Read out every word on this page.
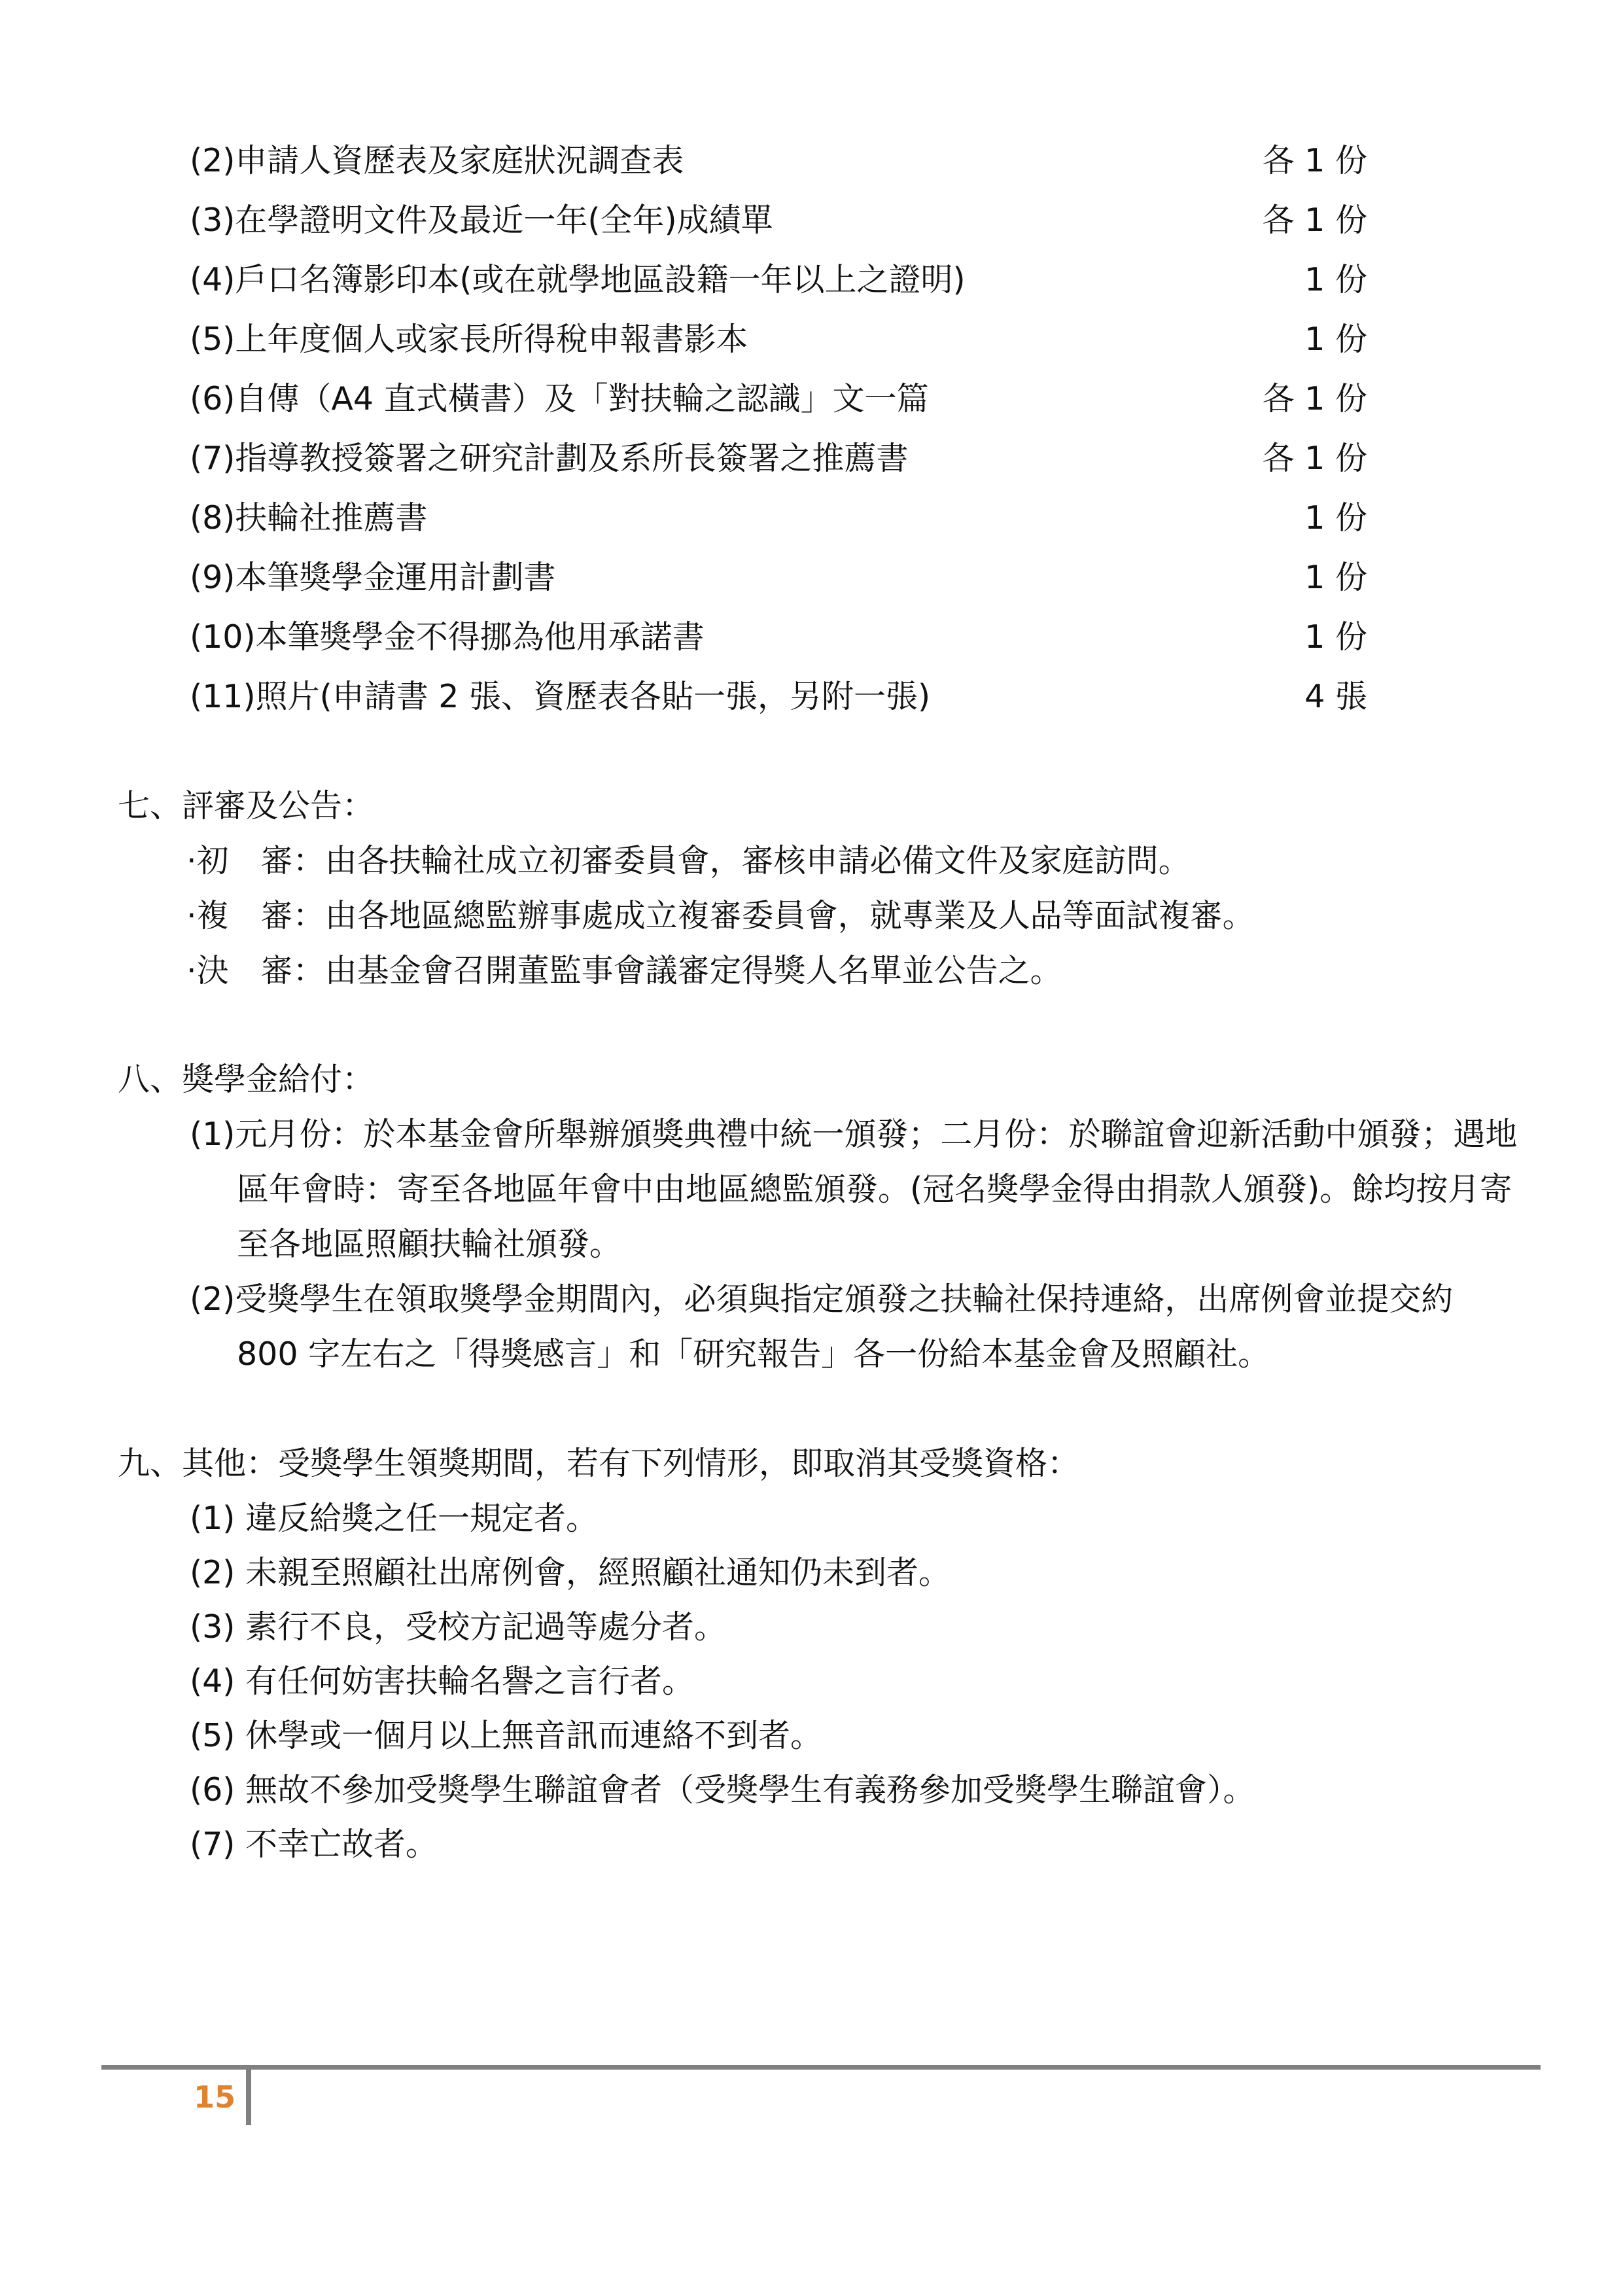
(2)申請人資歷表及家庭狀況調查表	各 1 份
(3)在學證明文件及最近一年(全年)成績單	各 1 份
(4)戶口名簿影印本(或在就學地區設籍一年以上之證明)	1 份
(5)上年度個人或家長所得稅申報書影本	1 份
(6)自傳（A4 直式橫書）及「對扶輪之認識」文一篇	各 1 份
(7)指導教授簽署之研究計劃及系所長簽署之推薦書	各 1 份
(8)扶輪社推薦書	1 份
(9)本筆獎學金運用計劃書	1 份
(10)本筆獎學金不得挪為他用承諾書	1 份
(11)照片(申請書 2 張、資歷表各貼一張，另附一張)	4 張
七、評審及公告：
·初　審：由各扶輪社成立初審委員會，審核申請必備文件及家庭訪問。
·複　審：由各地區總監辦事處成立複審委員會，就專業及人品等面試複審。
·決　審：由基金會召開董監事會議審定得獎人名單並公告之。
八、獎學金給付：
(1)元月份：於本基金會所舉辦頒獎典禮中統一頒發；二月份：於聯誼會迎新活動中頒發；遇地區年會時：寄至各地區年會中由地區總監頒發。(冠名獎學金得由捐款人頒發)。餘均按月寄至各地區照顧扶輪社頒發。
(2)受獎學生在領取獎學金期間內，必須與指定頒發之扶輪社保持連絡，出席例會並提交約 800 字左右之「得獎感言」和「研究報告」各一份給本基金會及照顧社。
九、其他：受獎學生領獎期間，若有下列情形，即取消其受獎資格：
(1) 違反給獎之任一規定者。
(2) 未親至照顧社出席例會，經照顧社通知仍未到者。
(3) 素行不良，受校方記過等處分者。
(4) 有任何妨害扶輪名譽之言行者。
(5) 休學或一個月以上無音訊而連絡不到者。
(6) 無故不參加受獎學生聯誼會者（受獎學生有義務參加受獎學生聯誼會）。
(7) 不幸亡故者。
15
